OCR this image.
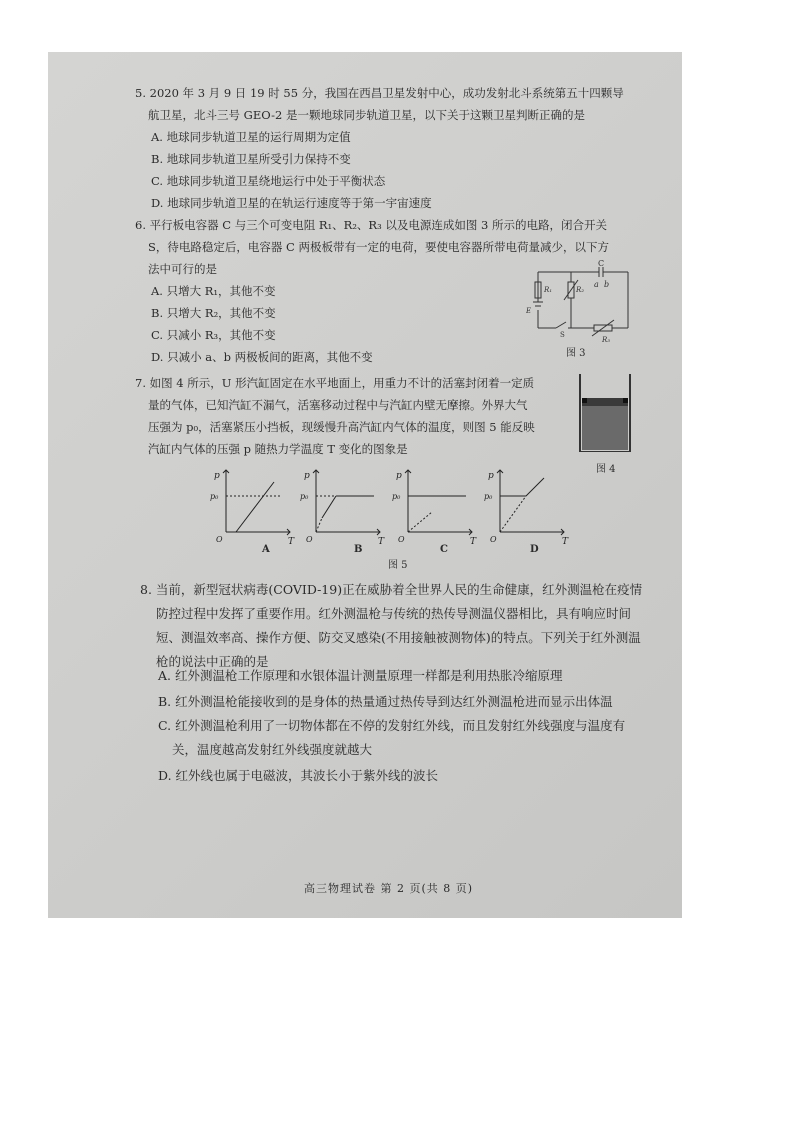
5. 2020 年 3 月 9 日 19 时 55 分，我国在西昌卫星发射中心，成功发射北斗系统第五十四颗导
航卫星，北斗三号 GEO-2 是一颗地球同步轨道卫星，以下关于这颗卫星判断正确的是
A. 地球同步轨道卫星的运行周期为定值
B. 地球同步轨道卫星所受引力保持不变
C. 地球同步轨道卫星绕地运行中处于平衡状态
D. 地球同步轨道卫星的在轨运行速度等于第一宇宙速度
6. 平行板电容器 C 与三个可变电阻 R₁、R₂、R₃ 以及电源连成如图 3 所示的电路，闭合开关
S，待电路稳定后，电容器 C 两极板带有一定的电荷，要使电容器所带电荷量减少，以下方
法中可行的是
A. 只增大 R₁，其他不变
B. 只增大 R₂，其他不变
C. 只减小 R₃，其他不变
D. 只减小 a、b 两极板间的距离，其他不变
C
a b
R₁	R₂
R₃
E
S
图 3
7. 如图 4 所示，U 形汽缸固定在水平地面上，用重力不计的活塞封闭着一定质
量的气体，已知汽缸不漏气，活塞移动过程中与汽缸内壁无摩擦。外界大气
压强为 p₀，活塞紧压小挡板，现缓慢升高汽缸内气体的温度，则图 5 能反映
汽缸内气体的压强 p 随热力学温度 T 变化的图象是
图 4
p
p₀
O	T
A
p
p₀
O	T
B
p
p₀
O	T
C
p
p₀
O	T
D
图 5
8. 当前，新型冠状病毒(COVID-19)正在威胁着全世界人民的生命健康，红外测温枪在疫情
防控过程中发挥了重要作用。红外测温枪与传统的热传导测温仪器相比，具有响应时间
短、测温效率高、操作方便、防交叉感染(不用接触被测物体)的特点。下列关于红外测温
枪的说法中正确的是
A. 红外测温枪工作原理和水银体温计测量原理一样都是利用热胀冷缩原理
B. 红外测温枪能接收到的是身体的热量通过热传导到达红外测温枪进而显示出体温
C. 红外测温枪利用了一切物体都在不停的发射红外线，而且发射红外线强度与温度有
关，温度越高发射红外线强度就越大
D. 红外线也属于电磁波，其波长小于紫外线的波长
高三物理试卷 第 2 页(共 8 页)
